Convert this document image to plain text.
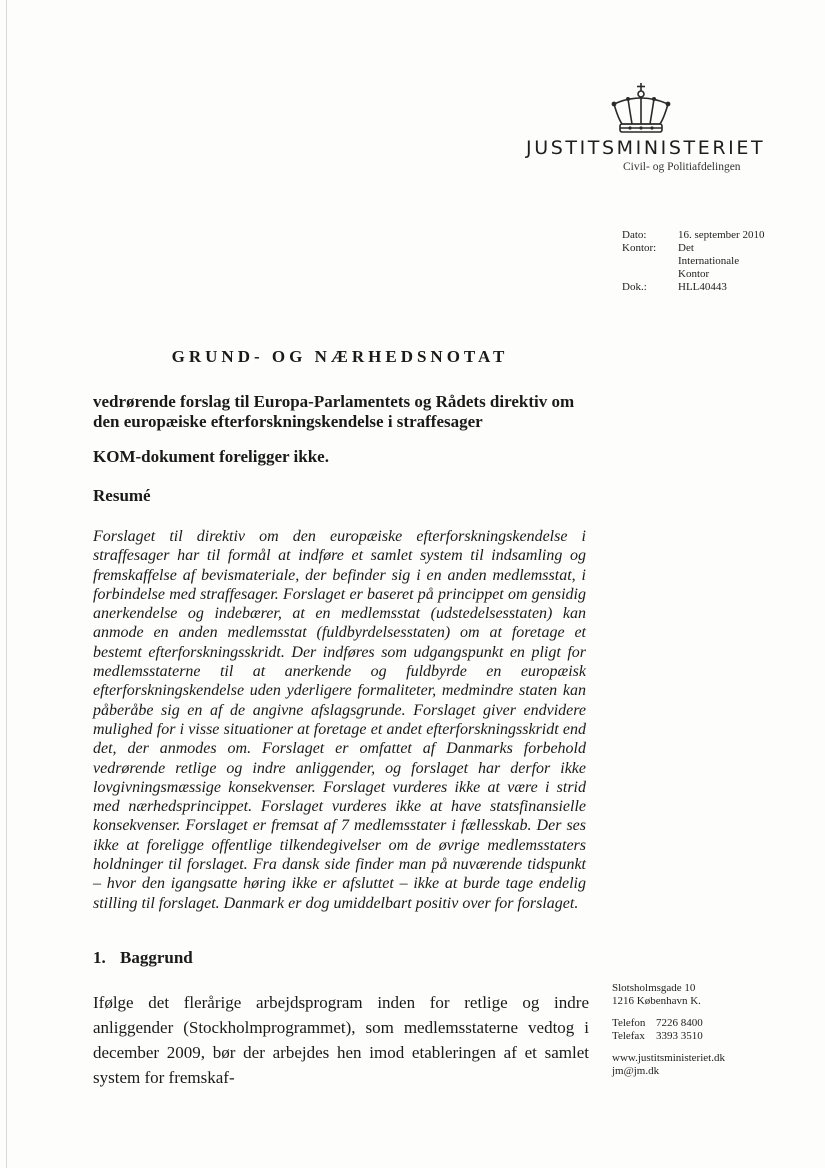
JUSTITSMINISTERIET
Civil- og Politiafdelingen
Dato:	16. september 2010
Kontor:	Det Internationale Kontor
Dok.:	HLL40443
GRUND- OG NÆRHEDSNOTAT
vedrørende forslag til Europa-Parlamentets og Rådets direktiv om den europæiske efterforskningskendelse i straffesager
KOM-dokument foreligger ikke.
Resumé
Forslaget til direktiv om den europæiske efterforskningskendelse i straffesager har til formål at indføre et samlet system til indsamling og fremskaffelse af bevismateriale, der befinder sig i en anden medlemsstat, i forbindelse med straffesager. Forslaget er baseret på princippet om gensidig anerkendelse og indebærer, at en medlemsstat (udstedelsesstaten) kan anmode en anden medlemsstat (fuldbyrdelsesstaten) om at foretage et bestemt efterforskningsskridt. Der indføres som udgangspunkt en pligt for medlemsstaterne til at anerkende og fuldbyrde en europæisk efterforskningskendelse uden yderligere formaliteter, medmindre staten kan påberåbe sig en af de angivne afslagsgrunde. Forslaget giver endvidere mulighed for i visse situationer at foretage et andet efterforskningsskridt end det, der anmodes om. Forslaget er omfattet af Danmarks forbehold vedrørende retlige og indre anliggender, og forslaget har derfor ikke lovgivningsmæssige konsekvenser. Forslaget vurderes ikke at være i strid med nærhedsprincippet. Forslaget vurderes ikke at have statsfinansielle konsekvenser. Forslaget er fremsat af 7 medlemsstater i fællesskab. Der ses ikke at foreligge offentlige tilkendegivelser om de øvrige medlemsstaters holdninger til forslaget. Fra dansk side finder man på nuværende tidspunkt – hvor den igangsatte høring ikke er afsluttet – ikke at burde tage endelig stilling til forslaget. Danmark er dog umiddelbart positiv over for forslaget.
1. Baggrund
Ifølge det flerårige arbejdsprogram inden for retlige og indre anliggender (Stockholmprogrammet), som medlemsstaterne vedtog i december 2009, bør der arbejdes hen imod etableringen af et samlet system for fremskaf-
Slotsholmsgade 10
1216 København K.
Telefon 7226 8400
Telefax	3393 3510
www.justitsministeriet.dk
jm@jm.dk
